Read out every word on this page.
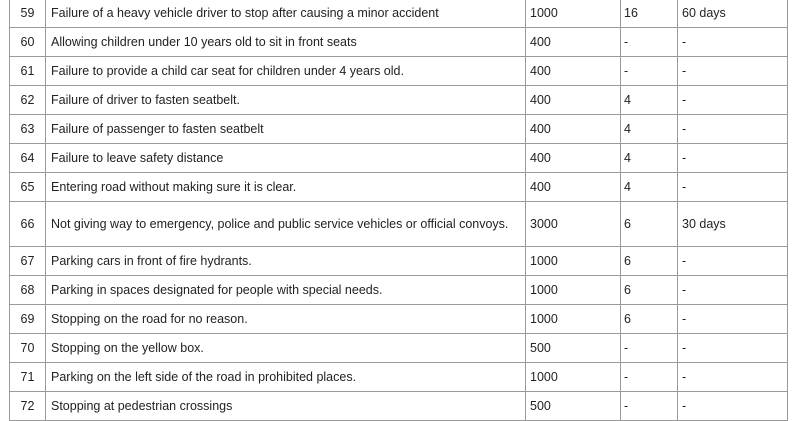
59	Failure of a heavy vehicle driver to stop after causing a minor accident	1000	16	60 days
60	Allowing children under 10 years old to sit in front seats	400	-	-
61	Failure to provide a child car seat for children under 4 years old.	400	-	-
62	Failure of driver to fasten seatbelt.	400	4	-
63	Failure of passenger to fasten seatbelt	400	4	-
64	Failure to leave safety distance	400	4	-
65	Entering road without making sure it is clear.	400	4	-
66	Not giving way to emergency, police and public service vehicles or official convoys.	3000	6	30 days
67	Parking cars in front of fire hydrants.	1000	6	-
68	Parking in spaces designated for people with special needs.	1000	6	-
69	Stopping on the road for no reason.	1000	6	-
70	Stopping on the yellow box.	500	-	-
71	Parking on the left side of the road in prohibited places.	1000	-	-
72	Stopping at pedestrian crossings	500	-	-
